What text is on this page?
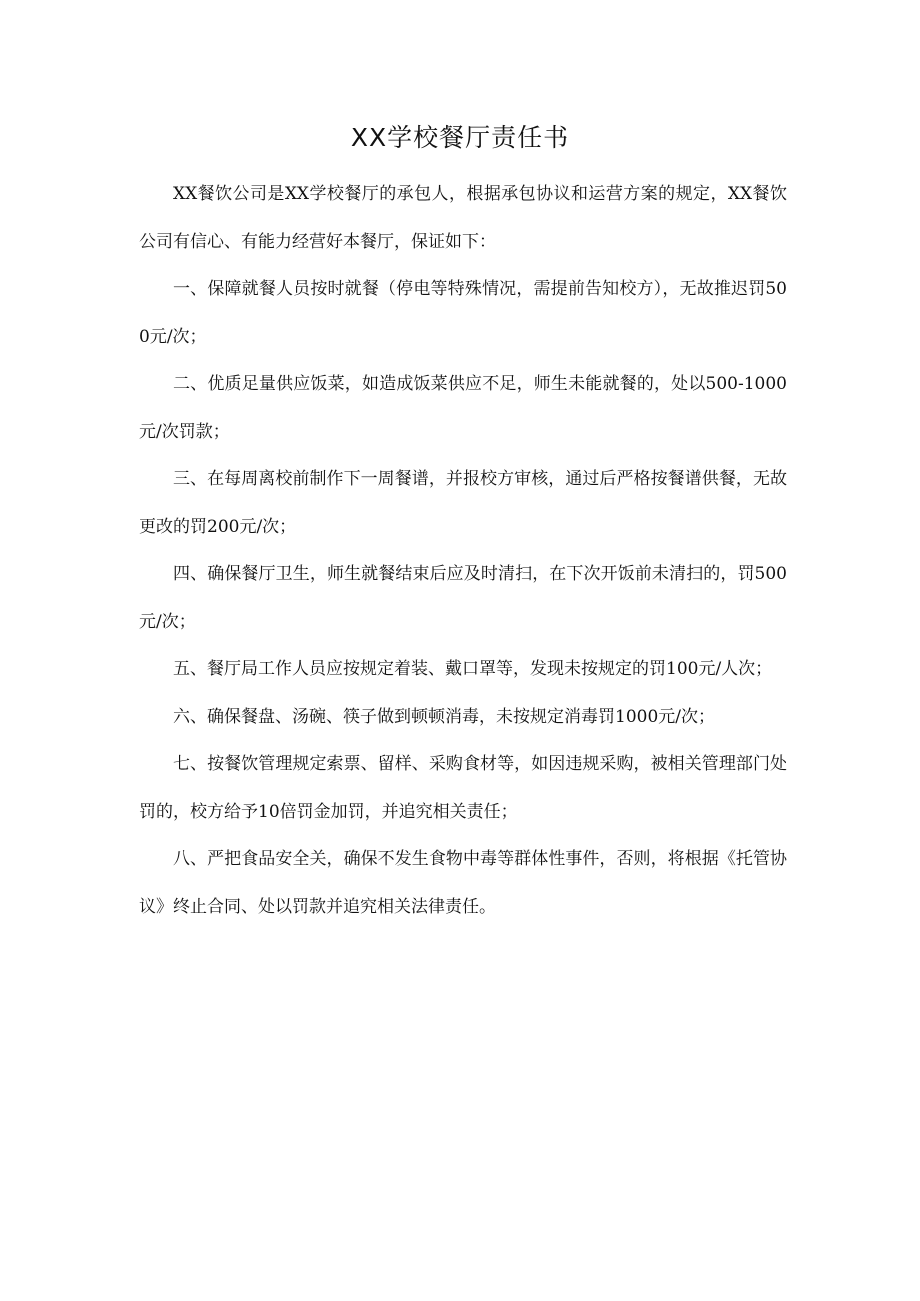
XX学校餐厅责任书

XX餐饮公司是XX学校餐厅的承包人，根据承包协议和运营方案的规定，XX餐饮公司有信心、有能力经营好本餐厅，保证如下：

一、保障就餐人员按时就餐（停电等特殊情况，需提前告知校方），无故推迟罚500元/次；

二、优质足量供应饭菜，如造成饭菜供应不足，师生未能就餐的，处以500-1000元/次罚款；

三、在每周离校前制作下一周餐谱，并报校方审核，通过后严格按餐谱供餐，无故更改的罚200元/次；

四、确保餐厅卫生，师生就餐结束后应及时清扫，在下次开饭前未清扫的，罚500元/次；

五、餐厅局工作人员应按规定着装、戴口罩等，发现未按规定的罚100元/人次；

六、确保餐盘、汤碗、筷子做到顿顿消毒，未按规定消毒罚1000元/次；

七、按餐饮管理规定索票、留样、采购食材等，如因违规采购，被相关管理部门处罚的，校方给予10倍罚金加罚，并追究相关责任；

八、严把食品安全关，确保不发生食物中毒等群体性事件，否则，将根据《托管协议》终止合同、处以罚款并追究相关法律责任。
